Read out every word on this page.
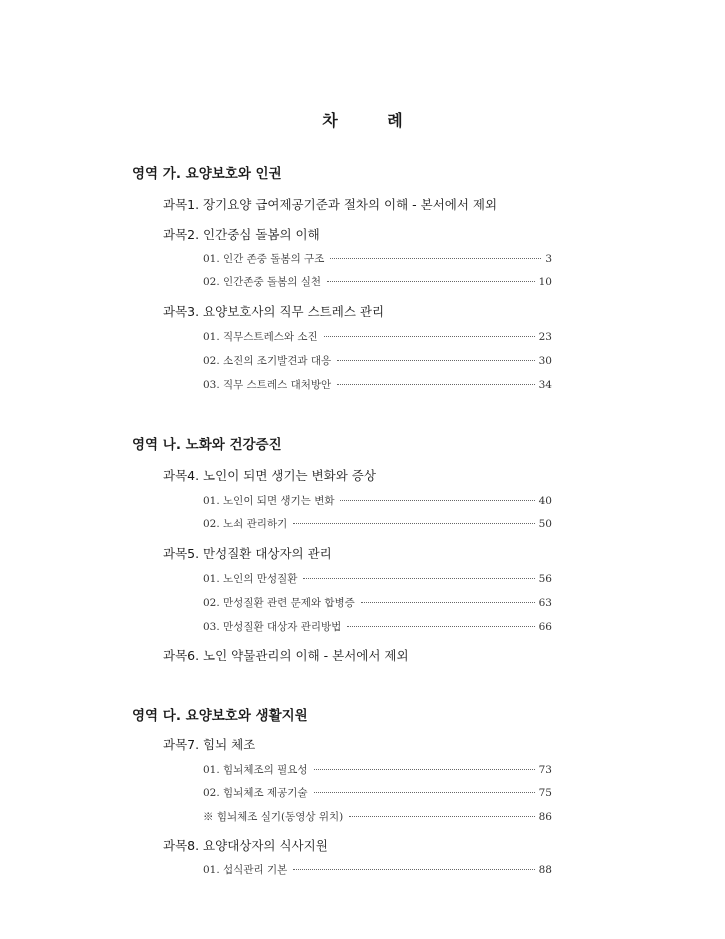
차 례
영역 가. 요양보호와 인권
과목1. 장기요양 급여제공기준과 절차의 이해 - 본서에서 제외
과목2. 인간중심 돌봄의 이해
01. 인간 존중 돌봄의 구조	3
02. 인간존중 돌봄의 실천	10
과목3. 요양보호사의 직무 스트레스 관리
01. 직무스트레스와 소진	23
02. 소진의 조기발견과 대응	30
03. 직무 스트레스 대처방안	34
영역 나. 노화와 건강증진
과목4. 노인이 되면 생기는 변화와 증상
01. 노인이 되면 생기는 변화	40
02. 노쇠 관리하기	50
과목5. 만성질환 대상자의 관리
01. 노인의 만성질환	56
02. 만성질환 관련 문제와 합병증	63
03. 만성질환 대상자 관리방법	66
과목6. 노인 약물관리의 이해 - 본서에서 제외
영역 다. 요양보호와 생활지원
과목7. 힘뇌 체조
01. 힘뇌체조의 필요성	73
02. 힘뇌체조 제공기술	75
※ 힘뇌체조 실기(동영상 위치)	86
과목8. 요양대상자의 식사지원
01. 섭식관리 기본	88
